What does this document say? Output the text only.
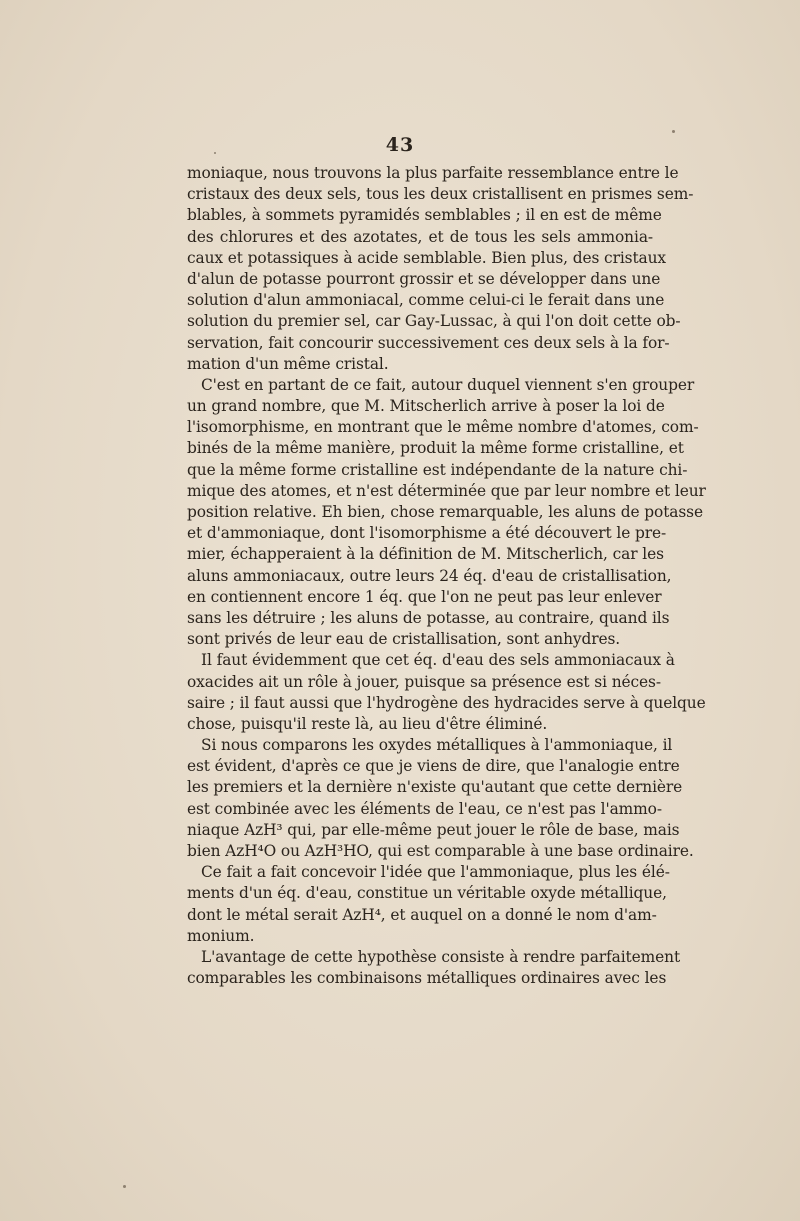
43
moniaque, nous trouvons la plus parfaite ressemblance entre le
cristaux des deux sels, tous les deux cristallisent en prismes sem-
blables, à sommets pyramidés semblables ; il en est de même
des chlorures et des azotates, et de tous les sels ammonia-
caux et potassiques à acide semblable. Bien plus, des cristaux
d'alun de potasse pourront grossir et se développer dans une
solution d'alun ammoniacal, comme celui-ci le ferait dans une
solution du premier sel, car Gay-Lussac, à qui l'on doit cette ob-
servation, fait concourir successivement ces deux sels à la for-
mation d'un même cristal.
C'est en partant de ce fait, autour duquel viennent s'en grouper
un grand nombre, que M. Mitscherlich arrive à poser la loi de
l'isomorphisme, en montrant que le même nombre d'atomes, com-
binés de la même manière, produit la même forme cristalline, et
que la même forme cristalline est indépendante de la nature chi-
mique des atomes, et n'est déterminée que par leur nombre et leur
position relative. Eh bien, chose remarquable, les aluns de potasse
et d'ammoniaque, dont l'isomorphisme a été découvert le pre-
mier, échapperaient à la définition de M. Mitscherlich, car les
aluns ammoniacaux, outre leurs 24 éq. d'eau de cristallisation,
en contiennent encore 1 éq. que l'on ne peut pas leur enlever
sans les détruire ; les aluns de potasse, au contraire, quand ils
sont privés de leur eau de cristallisation, sont anhydres.
Il faut évidemment que cet éq. d'eau des sels ammoniacaux à
oxacides ait un rôle à jouer, puisque sa présence est si néces-
saire ; il faut aussi que l'hydrogène des hydracides serve à quelque
chose, puisqu'il reste là, au lieu d'être éliminé.
Si nous comparons les oxydes métalliques à l'ammoniaque, il
est évident, d'après ce que je viens de dire, que l'analogie entre
les premiers et la dernière n'existe qu'autant que cette dernière
est combinée avec les éléments de l'eau, ce n'est pas l'ammo-
niaque AzH³ qui, par elle-même peut jouer le rôle de base, mais
bien AzH⁴O ou AzH³HO, qui est comparable à une base ordinaire.
Ce fait a fait concevoir l'idée que l'ammoniaque, plus les élé-
ments d'un éq. d'eau, constitue un véritable oxyde métallique,
dont le métal serait AzH⁴, et auquel on a donné le nom d'am-
monium.
L'avantage de cette hypothèse consiste à rendre parfaitement
comparables les combinaisons métalliques ordinaires avec les
